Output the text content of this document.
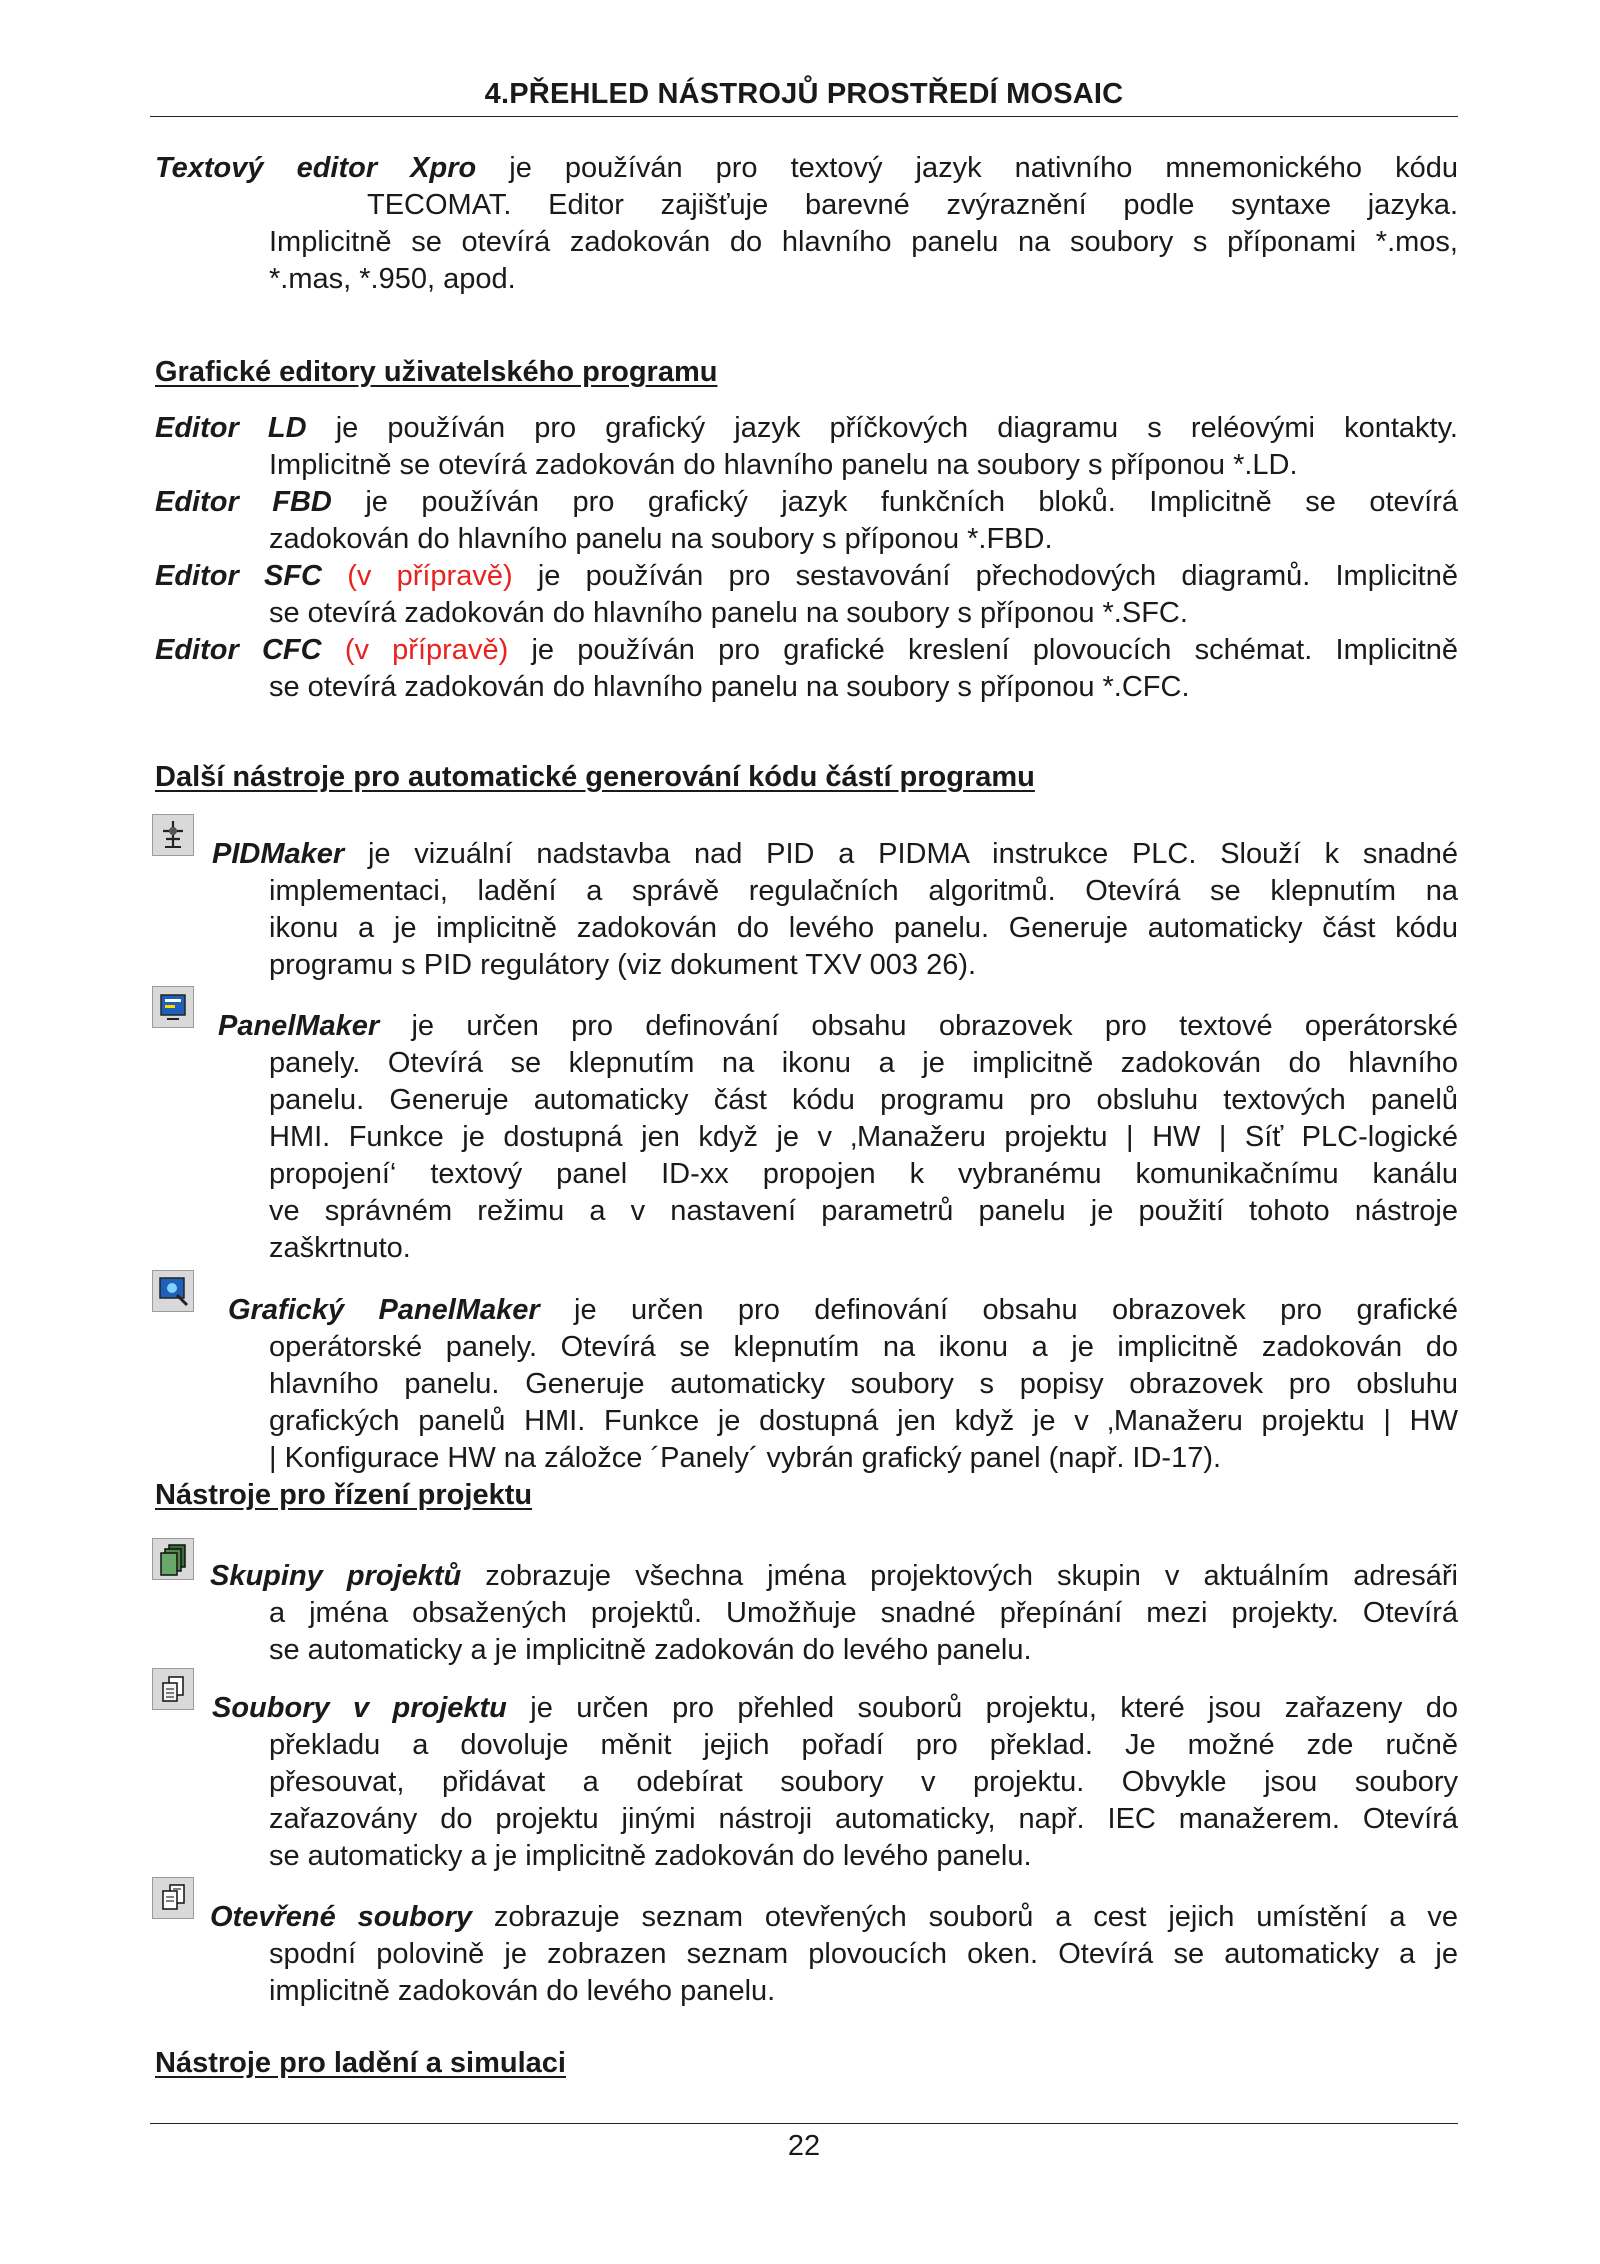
4.PŘEHLED NÁSTROJŮ PROSTŘEDÍ MOSAIC
Textový editor Xpro je používán pro textový jazyk nativního mnemonického kódu
TECOMAT. Editor zajišťuje barevné zvýraznění podle syntaxe jazyka.
Implicitně se otevírá zadokován do hlavního panelu na soubory s příponami *.mos,
*.mas, *.950, apod.
Grafické editory uživatelského programu
Editor LD je používán pro grafický jazyk příčkových diagramu s reléovými kontakty.
Implicitně se otevírá zadokován do hlavního panelu na soubory s příponou *.LD.
Editor FBD je používán pro grafický jazyk funkčních bloků. Implicitně se otevírá
zadokován do hlavního panelu na soubory s příponou *.FBD.
Editor SFC (v přípravě) je používán pro sestavování přechodových diagramů. Implicitně
se otevírá zadokován do hlavního panelu na soubory s příponou *.SFC.
Editor CFC (v přípravě) je používán pro grafické kreslení plovoucích schémat. Implicitně
se otevírá zadokován do hlavního panelu na soubory s příponou *.CFC.
Další nástroje pro automatické generování kódu částí programu
PIDMaker je vizuální nadstavba nad PID a PIDMA instrukce PLC. Slouží k snadné
implementaci, ladění a správě regulačních algoritmů. Otevírá se klepnutím na
ikonu a je implicitně zadokován do levého panelu. Generuje automaticky část kódu
programu s PID regulátory (viz dokument TXV 003 26).
PanelMaker je určen pro definování obsahu obrazovek pro textové operátorské
panely. Otevírá se klepnutím na ikonu a je implicitně zadokován do hlavního
panelu. Generuje automaticky část kódu programu pro obsluhu textových panelů
HMI. Funkce je dostupná jen když je v ‚Manažeru projektu | HW | Síť PLC-logické
propojení‘ textový panel ID-xx propojen k vybranému komunikačnímu kanálu
ve správném režimu a v nastavení parametrů panelu je použití tohoto nástroje
zaškrtnuto.
Grafický PanelMaker je určen pro definování obsahu obrazovek pro grafické
operátorské panely. Otevírá se klepnutím na ikonu a je implicitně zadokován do
hlavního panelu. Generuje automaticky soubory s popisy obrazovek pro obsluhu
grafických panelů HMI. Funkce je dostupná jen když je v ‚Manažeru projektu | HW
| Konfigurace HW na záložce ´Panely´ vybrán grafický panel (např. ID-17).
Nástroje pro řízení projektu
Skupiny projektů zobrazuje všechna jména projektových skupin v aktuálním adresáři
a jména obsažených projektů. Umožňuje snadné přepínání mezi projekty. Otevírá
se automaticky a je implicitně zadokován do levého panelu.
Soubory v projektu je určen pro přehled souborů projektu, které jsou zařazeny do
překladu a dovoluje měnit jejich pořadí pro překlad. Je možné zde ručně
přesouvat, přidávat a odebírat soubory v projektu. Obvykle jsou soubory
zařazovány do projektu jinými nástroji automaticky, např. IEC manažerem. Otevírá
se automaticky a je implicitně zadokován do levého panelu.
Otevřené soubory zobrazuje seznam otevřených souborů a cest jejich umístění a ve
spodní polovině je zobrazen seznam plovoucích oken. Otevírá se automaticky a je
implicitně zadokován do levého panelu.
Nástroje pro ladění a simulaci
22
